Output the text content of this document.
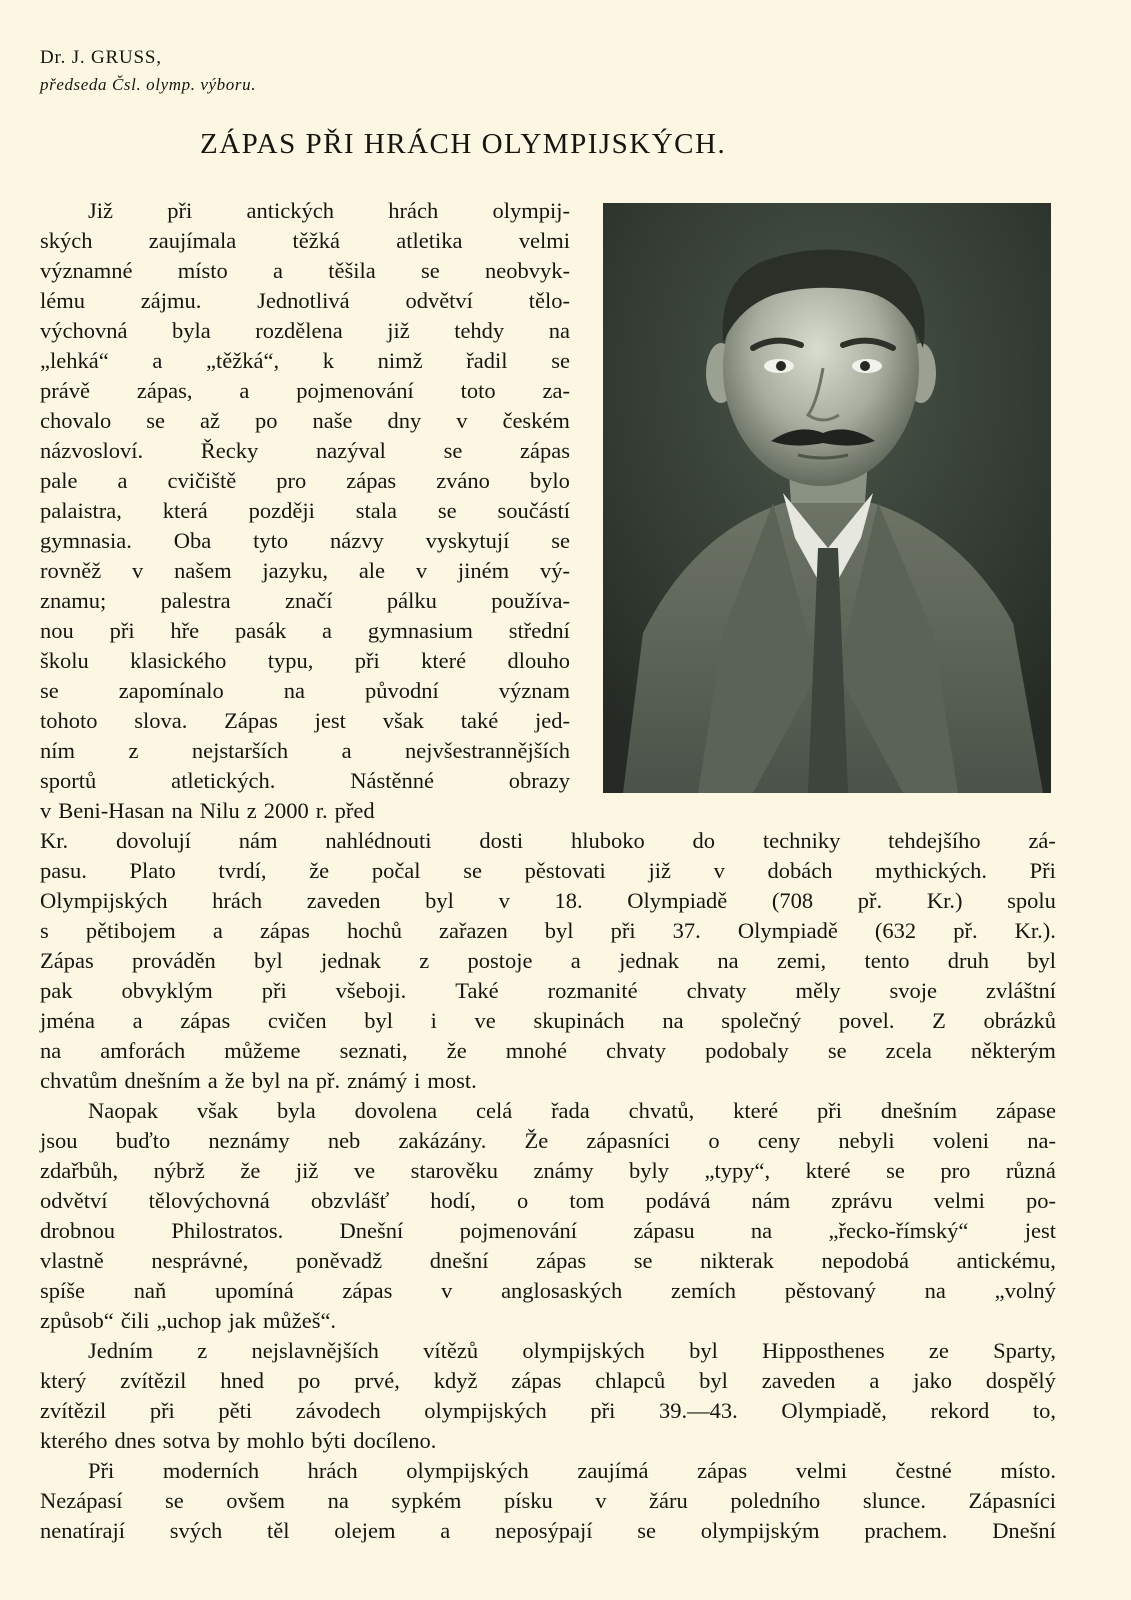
Dr. J. GRUSS,
předseda Čsl. olymp. výboru.
ZÁPAS PŘI HRÁCH OLYMPIJSKÝCH.
Již při antických hrách olympij-
ských	zaujímala	těžká	atletika	velmi
významné místo a těšila se neobvyk-
lému zájmu. Jednotlivá odvětví tělo-
výchovná byla rozdělena již tehdy na
„lehká“ a „těžká“, k nimž řadil se
právě zápas, a pojmenování toto za-
chovalo se až po naše dny v českém
názvosloví.	Řecky	nazýval	se	zápas
pale a cvičiště pro zápas zváno bylo
palaistra, která později stala se součástí
gymnasia. Oba tyto názvy vyskytují se
rovněž v našem jazyku, ale v jiném vý-
znamu; palestra značí pálku používa-
nou při hře pasák a gymnasium střední
školu klasického typu, při které dlouho
se	zapomínalo	na	původní	význam
tohoto slova. Zápas jest však také jed-
ním z nejstarších a nejvšestrannějších
sportů	atletických.	Nástěnné	obrazy
v Beni-Hasan na Nilu z 2000 r. před
Kr. dovolují nám nahlédnouti dosti hluboko do techniky tehdejšího zá-
pasu. Plato tvrdí, že počal se pěstovati již v dobách mythických. Při
Olympijských hrách zaveden byl v 18. Olympiadě (708 př. Kr.) spolu
s pětibojem a zápas hochů zařazen byl při 37. Olympiadě (632 př. Kr.).
Zápas prováděn byl jednak z postoje a jednak na zemi, tento druh byl
pak obvyklým při všeboji. Také rozmanité chvaty měly svoje zvláštní
jména a zápas cvičen byl i ve skupinách na společný povel. Z obrázků
na amforách můžeme seznati, že mnohé chvaty podobaly se zcela některým
chvatům dnešním a že byl na př. známý i most.
Naopak však byla dovolena celá řada chvatů, které při dnešním zápase
jsou buďto neznámy neb zakázány. Že zápasníci o ceny nebyli voleni na-
zdařbůh, nýbrž že již ve starověku známy byly „typy“, které se pro různá
odvětví tělovýchovná obzvlášť hodí, o tom podává nám zprávu velmi po-
drobnou	Philostratos.	Dnešní	pojmenování	zápasu	na	„řecko-římský“	jest
vlastně nesprávné, poněvadž dnešní zápas se nikterak nepodobá antickému,
spíše naň upomíná zápas v anglosaských zemích pěstovaný na „volný
způsob“ čili „uchop jak můžeš“.
Jedním z nejslavnějších vítězů olympijských byl Hipposthenes ze Sparty,
který zvítězil hned po prvé, když zápas chlapců byl zaveden a jako dospělý
zvítězil při pěti závodech olympijských při 39.—43. Olympiadě, rekord to,
kterého dnes sotva by mohlo býti docíleno.
Při moderních hrách olympijských zaujímá zápas velmi čestné místo.
Nezápasí se ovšem na sypkém písku v žáru poledního slunce. Zápasníci
nenatírají svých těl olejem a neposýpají se olympijským prachem. Dnešní
